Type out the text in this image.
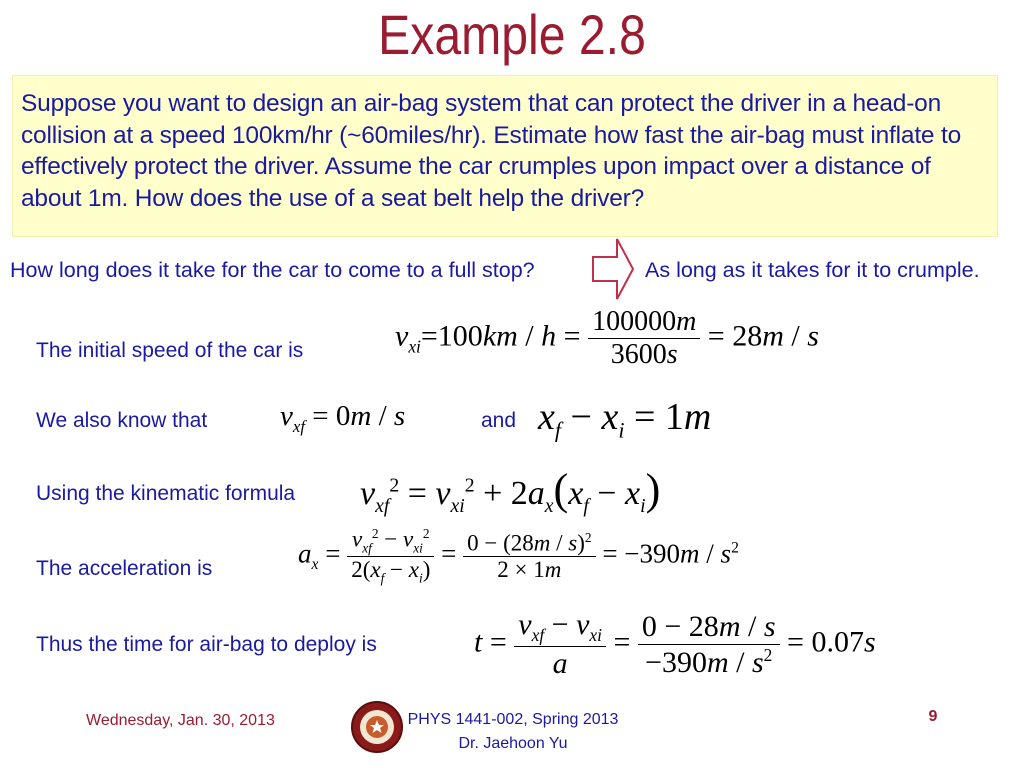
Example 2.8

Suppose you want to design an air-bag system that can protect the driver in a head-on collision at a speed 100km/hr (~60miles/hr). Estimate how fast the air-bag must inflate to effectively protect the driver. Assume the car crumples upon impact over a distance of about 1m. How does the use of a seat belt help the driver?

How long does it take for the car to come to a full stop?	As long as it takes for it to crumple.
The initial speed of the car is	$v_{xi}=100km / h = \frac{100000m}{3600s} = 28m / s$
We also know that	$v_{xf} = 0m / s$	and $x_f - x_i = 1m$
Using the kinematic formula $v_{xf}^2 = v_{xi}^2 + 2a_x(x_f - x_i)$
The acceleration is	$a_x = \frac{v_{xf}^2 - v_{xi}^2}{2(x_f - x_i)} = \frac{0 - (28m / s)^2}{2 \times 1m} = -390m / s^2$
Thus the time for air-bag to deploy is	$t = \frac{v_{xf} - v_{xi}}{a} = \frac{0 - 28m / s}{-390m / s^2} = 0.07s$
Wednesday, Jan. 30, 2013	PHYS 1441-002, Spring 2013
Dr. Jaehoon Yu
9
